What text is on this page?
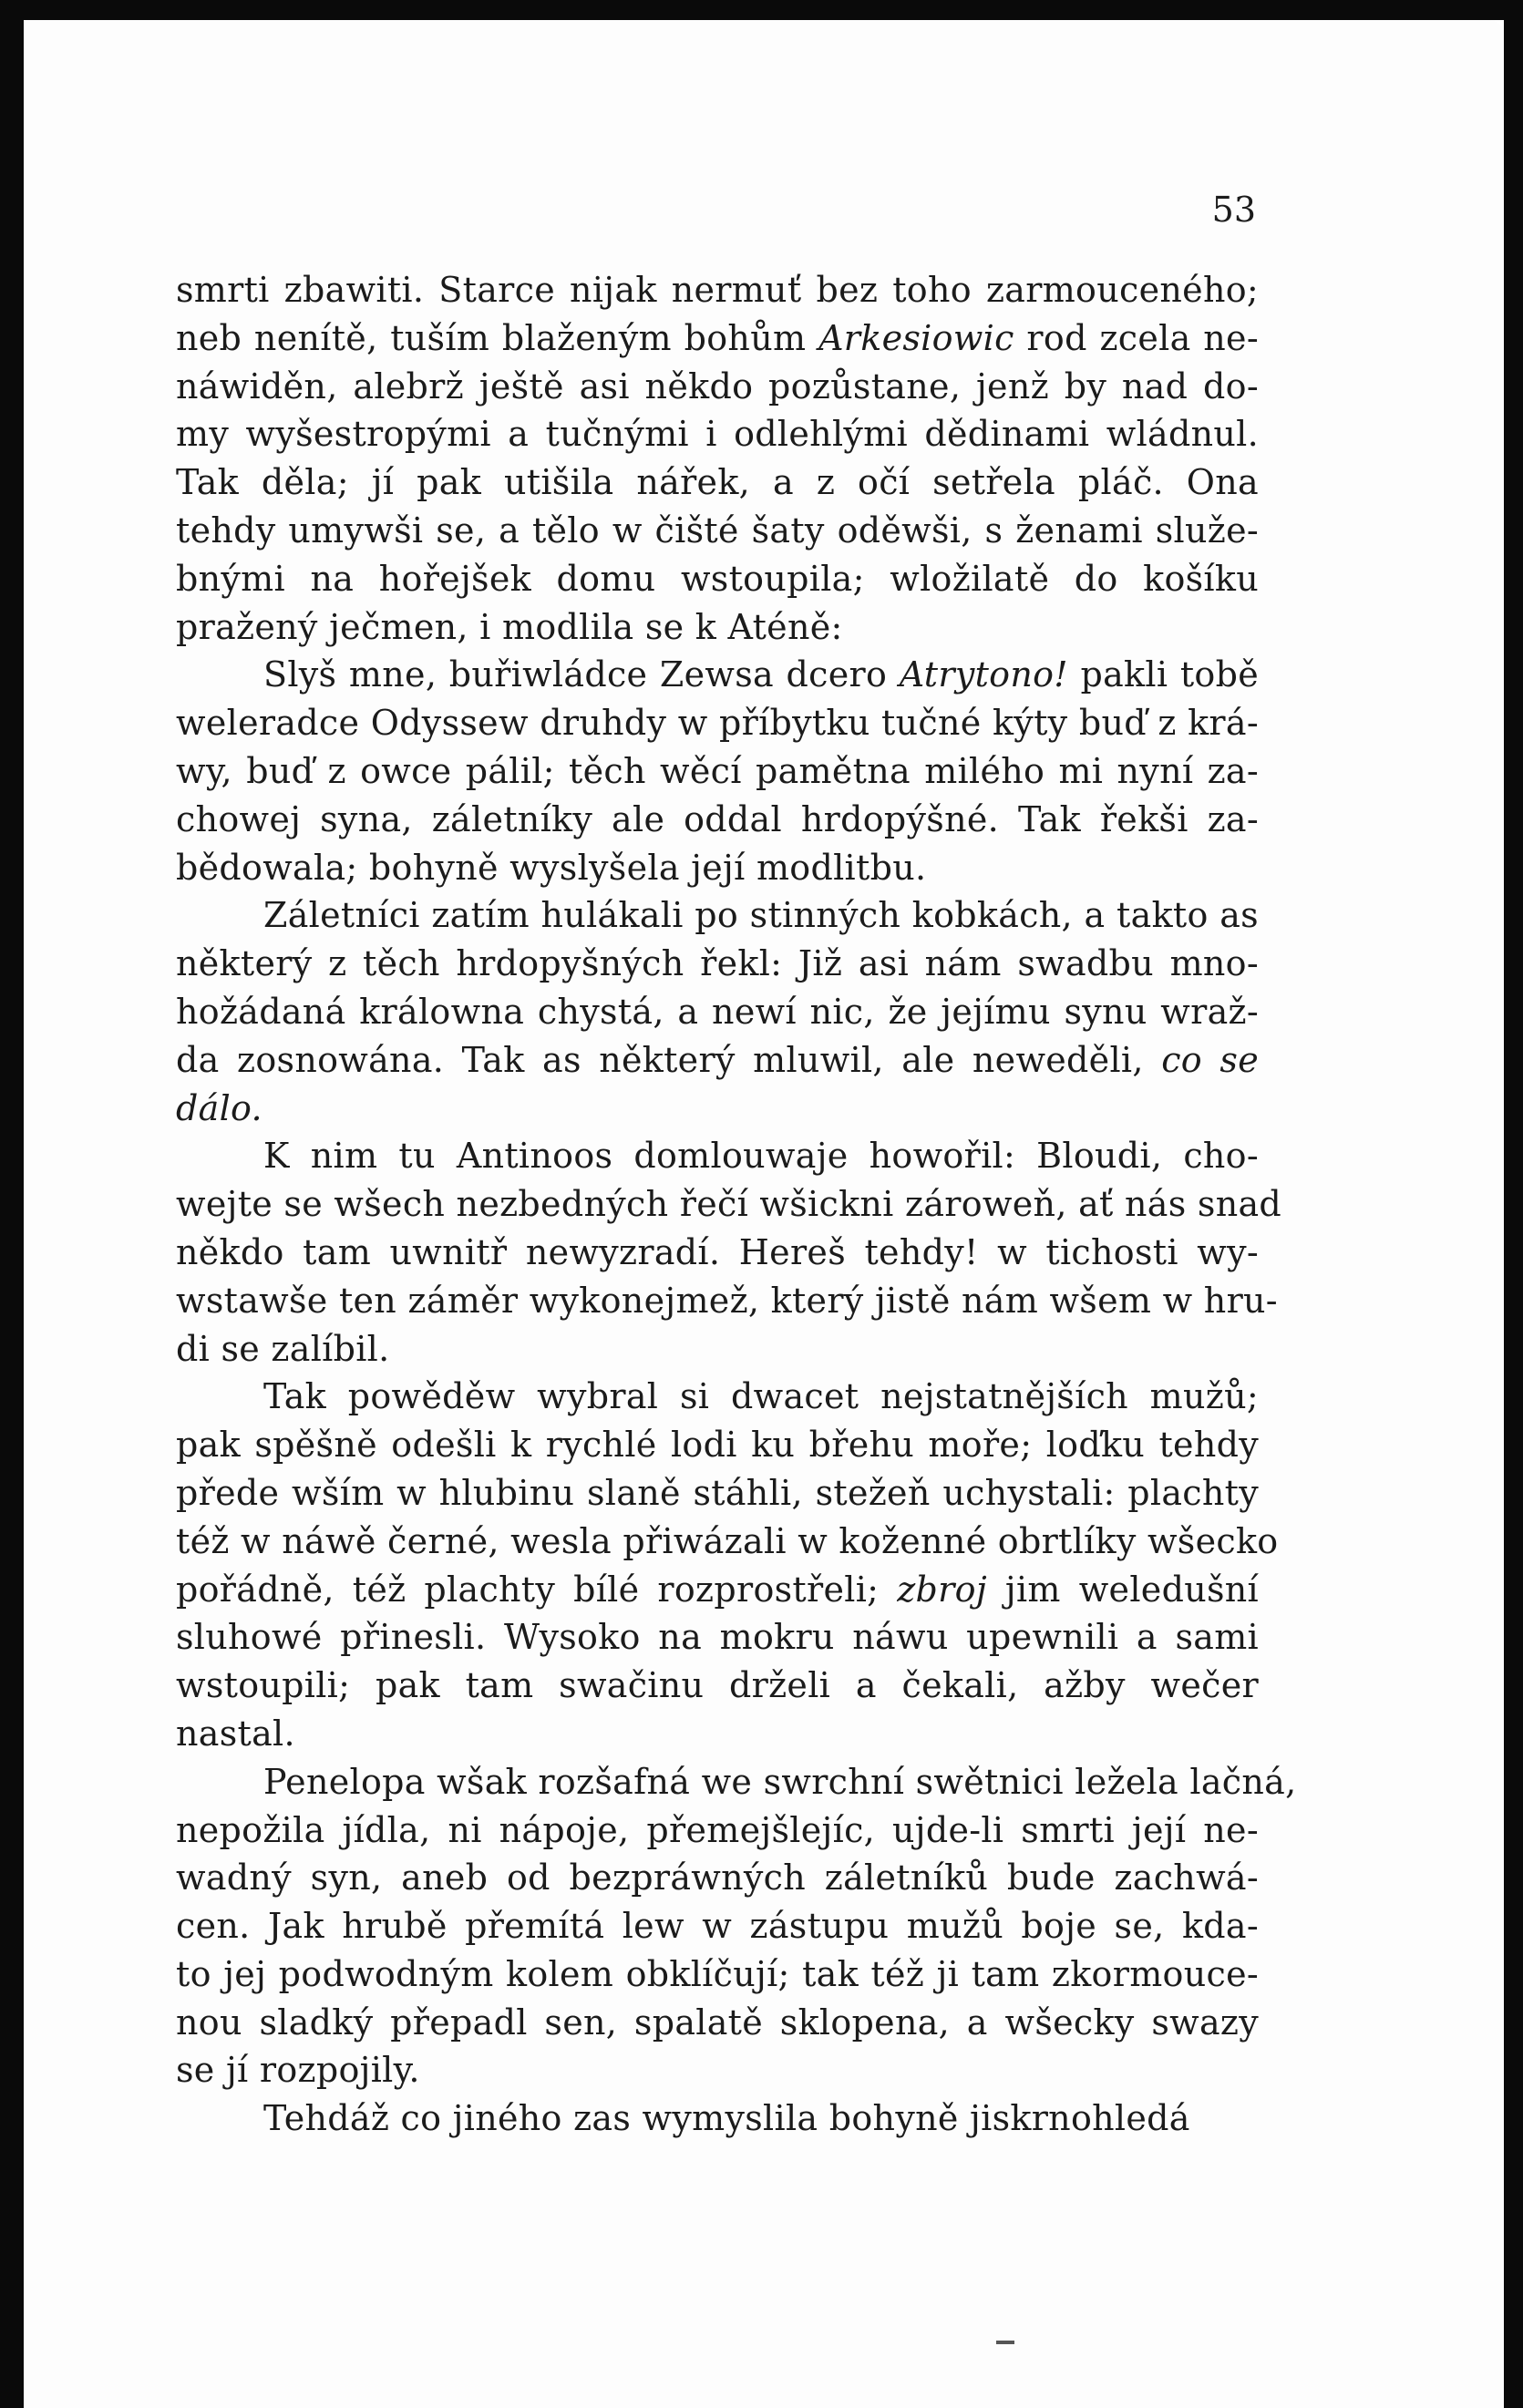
53
smrti zbawiti. Starce nijak nermuť bez toho zarmouceného;
neb nenítě, tuším blaženým bohům Arkesiowic rod zcela ne-
náwiděn, alebrž ještě asi někdo pozůstane, jenž by nad do-
my wyšestropými a tučnými i odlehlými dědinami wládnul.
Tak děla; jí pak utišila nářek, a z očí setřela pláč. Ona
tehdy umywši se, a tělo w čišté šaty oděwši, s ženami služe-
bnými na hořejšek domu wstoupila; wložilatě do košíku
pražený ječmen, i modlila se k Aténě:
Slyš mne, buřiwládce Zewsa dcero Atrytono! pakli tobě
weleradce Odyssew druhdy w příbytku tučné kýty buď z krá-
wy, buď z owce pálil; těch wěcí pamětna milého mi nyní za-
chowej syna, záletníky ale oddal hrdopýšné. Tak řekši za-
bědowala; bohyně wyslyšela její modlitbu.
Záletníci zatím hulákali po stinných kobkách, a takto as
některý z těch hrdopyšných řekl: Již asi nám swadbu mno-
hožádaná králowna chystá, a newí nic, že jejímu synu wraž-
da zosnowána. Tak as některý mluwil, ale neweděli, co se
dálo.
K nim tu Antinoos domlouwaje howořil: Bloudi, cho-
wejte se wšech nezbedných řečí wšickni zároweň, ať nás snad
někdo tam uwnitř newyzradí. Hereš tehdy! w tichosti wy-
wstawše ten záměr wykonejmež, který jistě nám wšem w hru-
di se zalíbil.
Tak powěděw wybral si dwacet nejstatnějších mužů;
pak spěšně odešli k rychlé lodi ku břehu moře; loďku tehdy
přede wším w hlubinu slaně stáhli, stežeň uchystali: plachty
též w náwě černé, wesla přiwázali w koženné obrtlíky wšecko
pořádně, též plachty bílé rozprostřeli; zbroj jim weledušní
sluhowé přinesli. Wysoko na mokru náwu upewnili a sami
wstoupili; pak tam swačinu drželi a čekali, ažby wečer
nastal.
Penelopa wšak rozšafná we swrchní swětnici ležela lačná,
nepožila jídla, ni nápoje, přemejšlejíc, ujde-li smrti její ne-
wadný syn, aneb od bezpráwných záletníků bude zachwá-
cen. Jak hrubě přemítá lew w zástupu mužů boje se, kda-
to jej podwodným kolem obklíčují; tak též ji tam zkormouce-
nou sladký přepadl sen, spalatě sklopena, a wšecky swazy
se jí rozpojily.
Tehdáž co jiného zas wymyslila bohyně jiskrnohledá
